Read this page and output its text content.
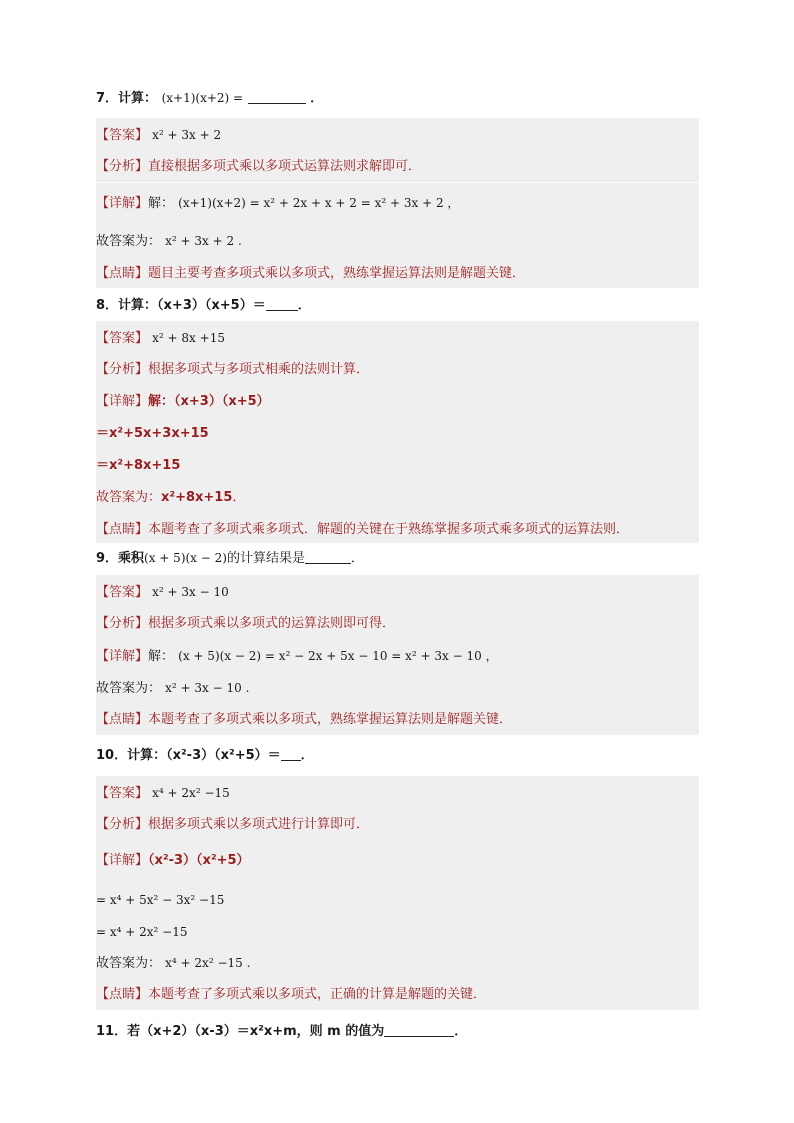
7．计算： (x+1)(x+2) =	．
【答案】 x² + 3x + 2
【分析】直接根据多项式乘以多项式运算法则求解即可．
【详解】解： (x+1)(x+2) = x² + 2x + x + 2 = x² + 3x + 2 ，
故答案为： x² + 3x + 2 .
【点睛】题目主要考查多项式乘以多项式，熟练掌握运算法则是解题关键．
8．计算：（x+3）（x+5）＝ ．
【答案】 x² + 8x +15
【分析】根据多项式与多项式相乘的法则计算．
【详解】解：（x+3）（x+5）
＝x²+5x+3x+15
＝x²+8x+15
故答案为：x²+8x+15．
【点睛】本题考查了多项式乘多项式．解题的关键在于熟练掌握多项式乘多项式的运算法则．
9．乘积(x + 5)(x − 2)的计算结果是	．
【答案】 x² + 3x − 10
【分析】根据多项式乘以多项式的运算法则即可得．
【详解】解： (x + 5)(x − 2) = x² − 2x + 5x − 10 = x² + 3x − 10 ，
故答案为： x² + 3x − 10 .
【点睛】本题考查了多项式乘以多项式，熟练掌握运算法则是解题关键．
10．计算：（x²-3）（x²+5）＝ ．
【答案】 x⁴ + 2x² −15
【分析】根据多项式乘以多项式进行计算即可．
【详解】（x²-3）（x²+5）
= x⁴ + 5x² − 3x² −15
= x⁴ + 2x² −15
故答案为： x⁴ + 2x² −15 .
【点睛】本题考查了多项式乘以多项式，正确的计算是解题的关键．
11．若（x+2）（x-3）＝x²x+m，则 m 的值为	．
